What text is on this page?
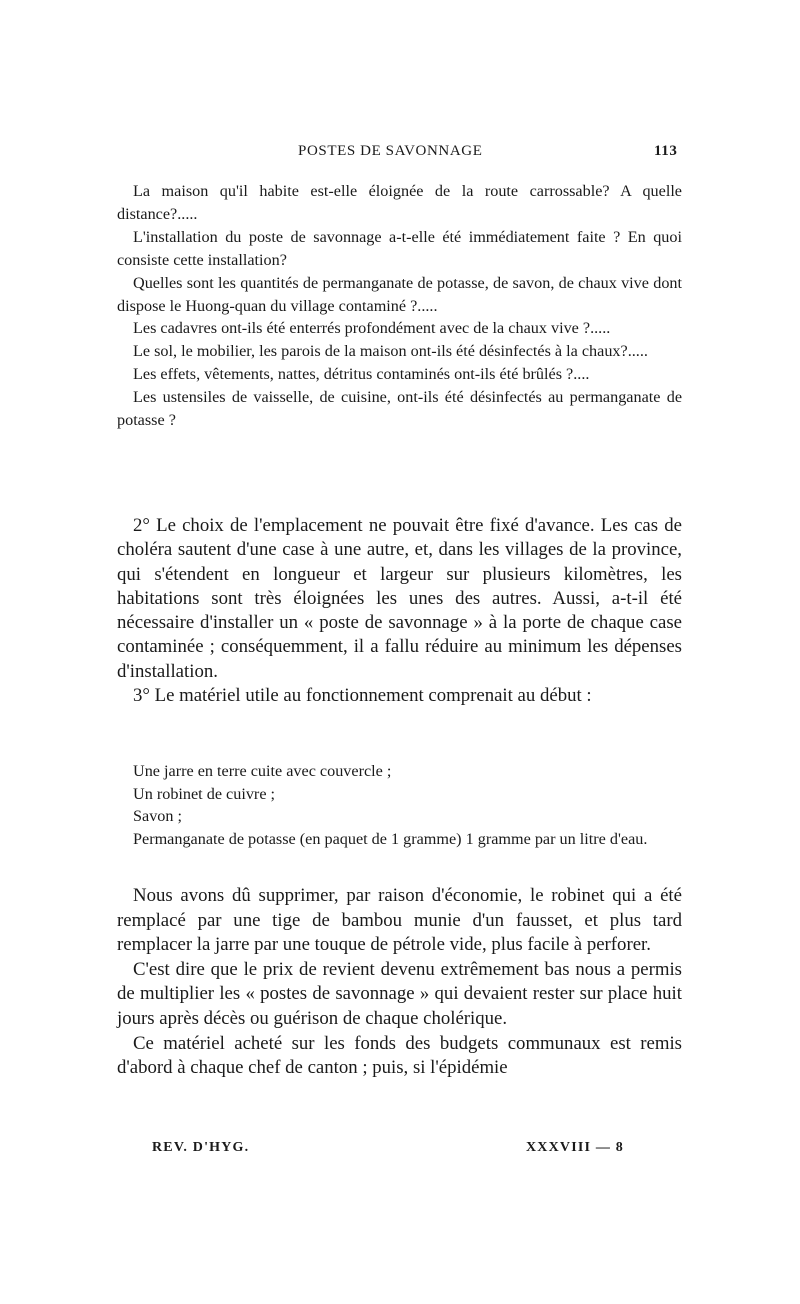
POSTES DE SAVONNAGE	113

La maison qu'il habite est-elle éloignée de la route carrossable? A quelle distance?.....

L'installation du poste de savonnage a-t-elle été immédiatement faite ? En quoi consiste cette installation?

Quelles sont les quantités de permanganate de potasse, de savon, de chaux vive dont dispose le Huong-quan du village contaminé ?.....

Les cadavres ont-ils été enterrés profondément avec de la chaux vive ?.....

Le sol, le mobilier, les parois de la maison ont-ils été désinfectés à la chaux?.....

Les effets, vêtements, nattes, détritus contaminés ont-ils été brûlés ?....

Les ustensiles de vaisselle, de cuisine, ont-ils été désinfectés au permanganate de potasse ?

2° Le choix de l'emplacement ne pouvait être fixé d'avance. Les cas de choléra sautent d'une case à une autre, et, dans les villages de la province, qui s'étendent en longueur et largeur sur plusieurs kilomètres, les habitations sont très éloignées les unes des autres. Aussi, a-t-il été nécessaire d'installer un « poste de savonnage » à la porte de chaque case contaminée ; conséquemment, il a fallu réduire au minimum les dépenses d'installation.

3° Le matériel utile au fonctionnement comprenait au début :

Une jarre en terre cuite avec couvercle ;

Un robinet de cuivre ;

Savon ;

Permanganate de potasse (en paquet de 1 gramme) 1 gramme par un litre d'eau.

Nous avons dû supprimer, par raison d'économie, le robinet qui a été remplacé par une tige de bambou munie d'un fausset, et plus tard remplacer la jarre par une touque de pétrole vide, plus facile à perforer.

C'est dire que le prix de revient devenu extrêmement bas nous a permis de multiplier les « postes de savonnage » qui devaient rester sur place huit jours après décès ou guérison de chaque cholérique.

Ce matériel acheté sur les fonds des budgets communaux est remis d'abord à chaque chef de canton ; puis, si l'épidémie

REV. D'HYG.	XXXVIII — 8
